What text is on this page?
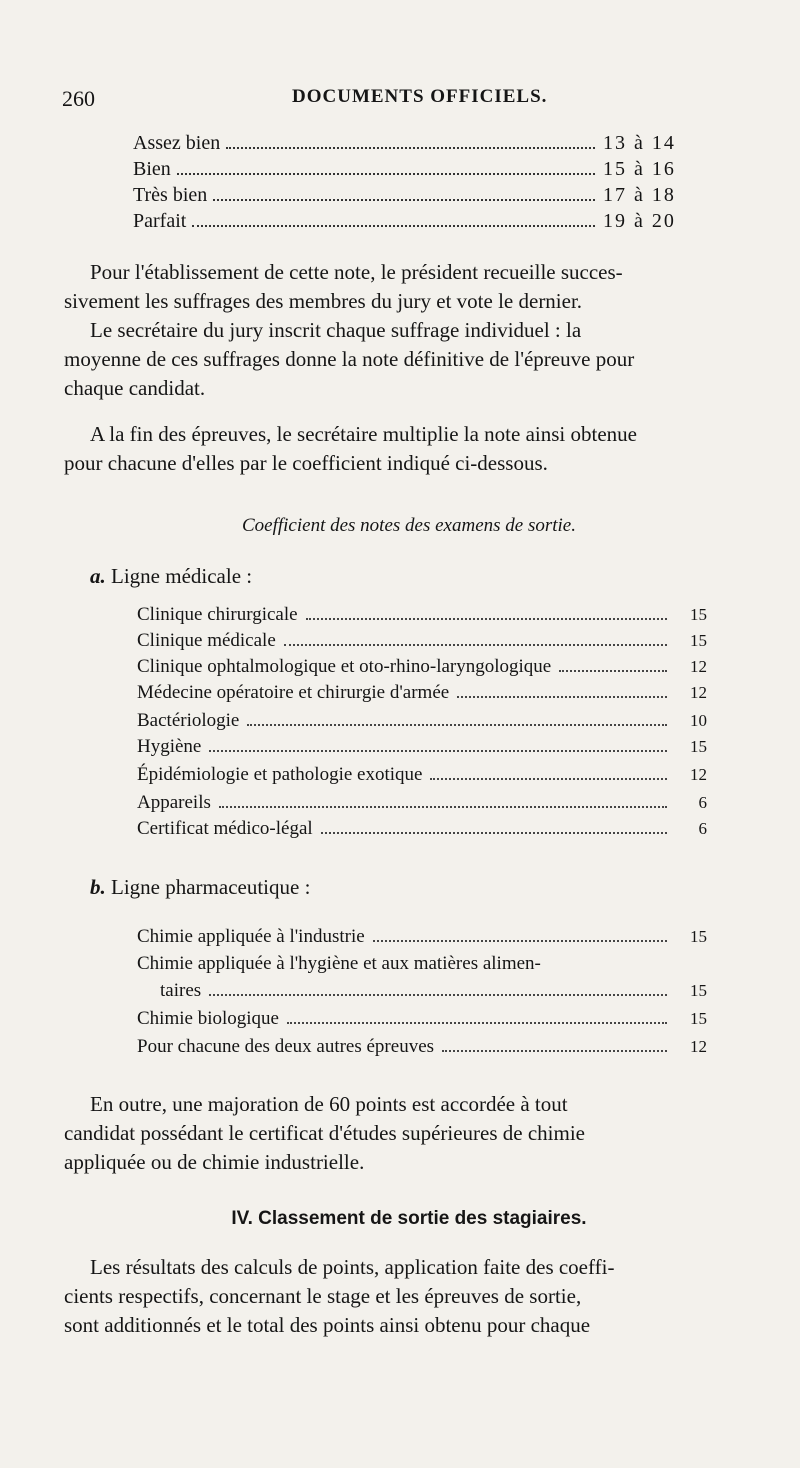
260	DOCUMENTS OFFICIELS.
Assez bien	13 à 14
Bien	15 à 16
Très bien	17 à 18
Parfait	19 à 20
Pour l'établissement de cette note, le président recueille succes-
sivement les suffrages des membres du jury et vote le dernier.
Le secrétaire du jury inscrit chaque suffrage individuel : la
moyenne de ces suffrages donne la note définitive de l'épreuve pour
chaque candidat.
A la fin des épreuves, le secrétaire multiplie la note ainsi obtenue
pour chacune d'elles par le coefficient indiqué ci-dessous.
Coefficient des notes des examens de sortie.
a. Ligne médicale :
Clinique chirurgicale	15
Clinique médicale	15
Clinique ophtalmologique et oto-rhino-laryngologique	12
Médecine opératoire et chirurgie d'armée	12
Bactériologie	10
Hygiène	15
Épidémiologie et pathologie exotique	12
Appareils	6
Certificat médico-légal	6
b. Ligne pharmaceutique :
Chimie appliquée à l'industrie	15
Chimie appliquée à l'hygiène et aux matières alimen-
taires	15
Chimie biologique	15
Pour chacune des deux autres épreuves	12
En outre, une majoration de 60 points est accordée à tout
candidat possédant le certificat d'études supérieures de chimie
appliquée ou de chimie industrielle.
IV. Classement de sortie des stagiaires.
Les résultats des calculs de points, application faite des coeffi-
cients respectifs, concernant le stage et les épreuves de sortie,
sont additionnés et le total des points ainsi obtenu pour chaque
